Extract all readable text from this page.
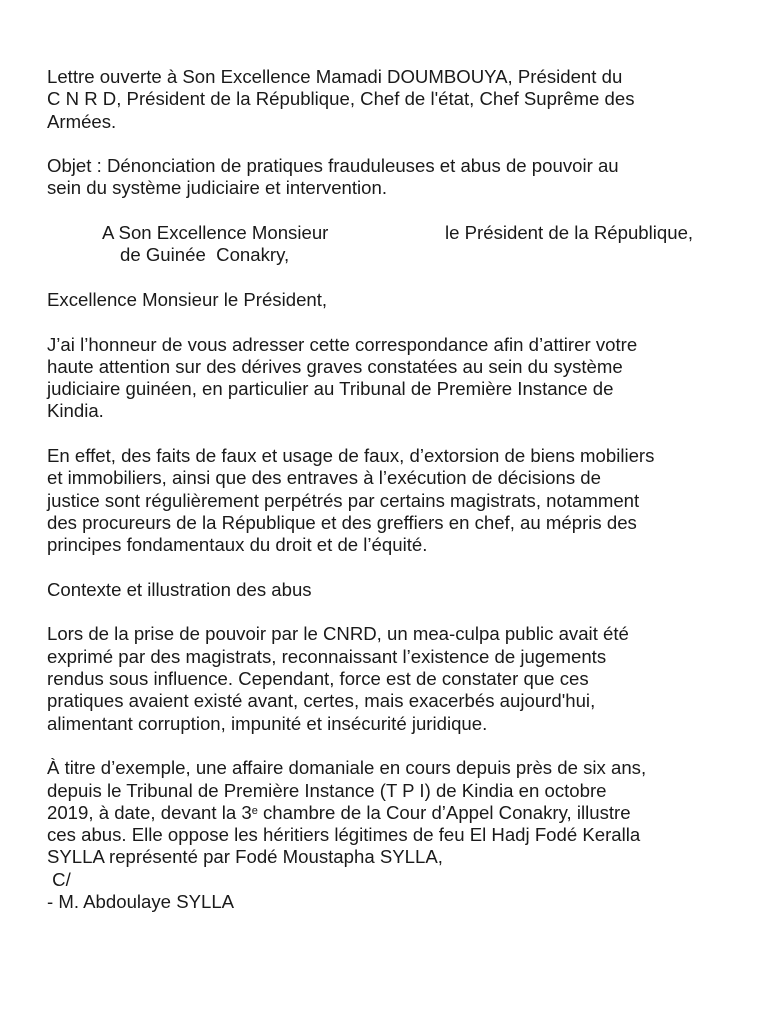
Lettre ouverte à Son Excellence Mamadi DOUMBOUYA, Président du
C N R D, Président de la République, Chef de l'état, Chef Suprême des
Armées.

Objet : Dénonciation de pratiques frauduleuses et abus de pouvoir au
sein du système judiciaire et intervention.

A Son Excellence Monsieur	le Président de la République,
de Guinée  Conakry,

Excellence Monsieur le Président,

J’ai l’honneur de vous adresser cette correspondance afin d’attirer votre
haute attention sur des dérives graves constatées au sein du système
judiciaire guinéen, en particulier au Tribunal de Première Instance de
Kindia.

En effet, des faits de faux et usage de faux, d’extorsion de biens mobiliers
et immobiliers, ainsi que des entraves à l’exécution de décisions de
justice sont régulièrement perpétrés par certains magistrats, notamment
des procureurs de la République et des greffiers en chef, au mépris des
principes fondamentaux du droit et de l’équité.

Contexte et illustration des abus

Lors de la prise de pouvoir par le CNRD, un mea-culpa public avait été
exprimé par des magistrats, reconnaissant l’existence de jugements
rendus sous influence. Cependant, force est de constater que ces
pratiques avaient existé avant, certes, mais exacerbés aujourd'hui,
alimentant corruption, impunité et insécurité juridique.

À titre d’exemple, une affaire domaniale en cours depuis près de six ans,
depuis le Tribunal de Première Instance (T P I) de Kindia en octobre
2019, à date, devant la 3e chambre de la Cour d’Appel Conakry, illustre
ces abus. Elle oppose les héritiers légitimes de feu El Hadj Fodé Keralla
SYLLA représenté par Fodé Moustapha SYLLA,
C/
- M. Abdoulaye SYLLA
